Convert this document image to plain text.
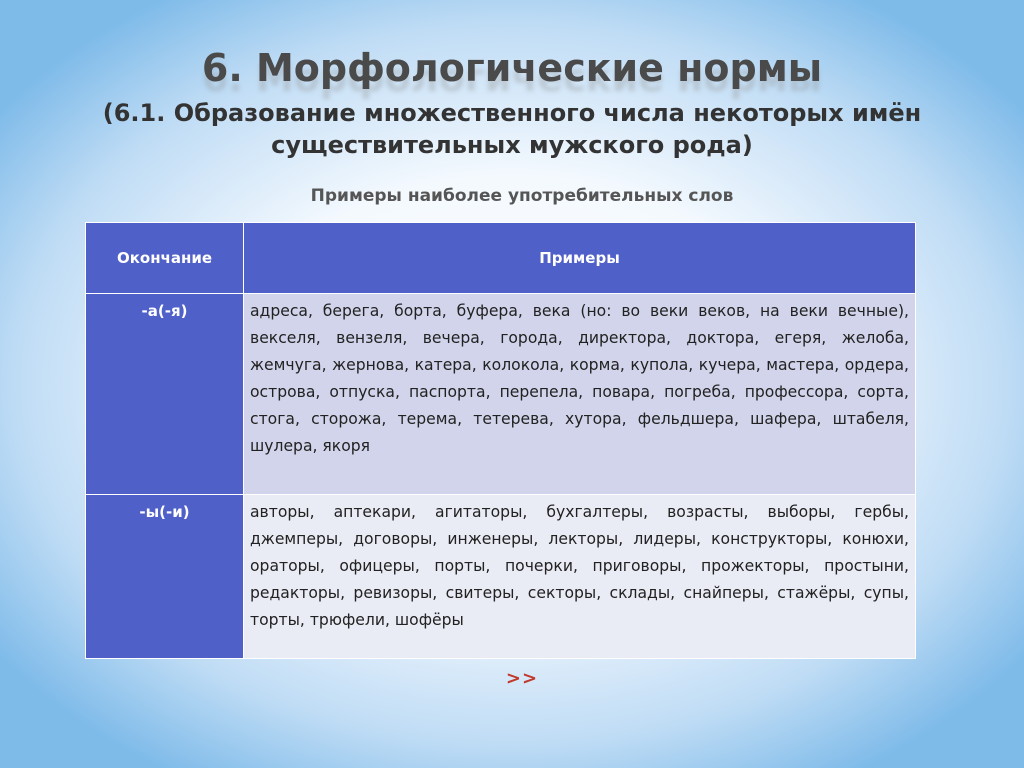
6. Морфологические нормы
(6.1. Образование множественного числа некоторых имён существительных мужского рода)
Примеры наиболее употребительных слов
Окончание	Примеры
-а(-я)	адреса, берега, борта, буфера, века (но: во веки веков, на веки вечные), векселя, вензеля, вечера, города, директора, доктора, егеря, желоба, жемчуга, жернова, катера, колокола, корма, купола, кучера, мастера, ордера, острова, отпуска, паспорта, перепела, повара, погреба, профессора, сорта, стога, сторожа, терема, тетерева, хутора, фельдшера, шафера, штабеля, шулера, якоря
-ы(-и)	авторы, аптекари, агитаторы, бухгалтеры, возрасты, выборы, гербы, джемперы, договоры, инженеры, лекторы, лидеры, конструкторы, конюхи, ораторы, офицеры, порты, почерки, приговоры, прожекторы, простыни, редакторы, ревизоры, свитеры, секторы, склады, снайперы, стажёры, супы, торты, трюфели, шофёры
>>
